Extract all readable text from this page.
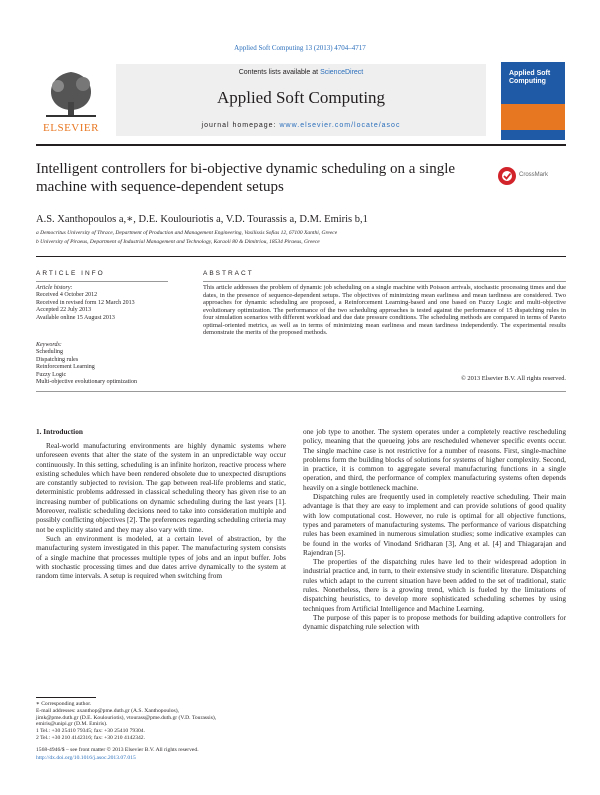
Applied Soft Computing 13 (2013) 4704–4717
ELSEVIER
Contents lists available at ScienceDirect
Applied Soft Computing
journal homepage: www.elsevier.com/locate/asoc
Applied Soft Computing
Intelligent controllers for bi-objective dynamic scheduling on a single machine with sequence-dependent setups
CrossMark
A.S. Xanthopoulos a,∗, D.E. Koulouriotis a, V.D. Tourassis a, D.M. Emiris b,1
a Democritus University of Thrace, Department of Production and Management Engineering, Vasilissis Sofias 12, 67100 Xanthi, Greece
b University of Piraeus, Department of Industrial Management and Technology, Karaoli 80 & Dimitriou, 18534 Piraeus, Greece
ARTICLE INFO	ABSTRACT
Article history:
Received 4 October 2012
Received in revised form 12 March 2013
Accepted 22 July 2013
Available online 15 August 2013
Keywords:
Scheduling
Dispatching rules
Reinforcement Learning
Fuzzy Logic
Multi-objective evolutionary optimization
This article addresses the problem of dynamic job scheduling on a single machine with Poisson arrivals, stochastic processing times and due dates, in the presence of sequence-dependent setups. The objectives of minimizing mean earliness and mean tardiness are considered. Two approaches for dynamic scheduling are proposed, a Reinforcement Learning-based and one based on Fuzzy Logic and multi-objective evolutionary optimization. The performance of the two scheduling approaches is tested against the performance of 15 dispatching rules in four simulation scenarios with different workload and due date pressure conditions. The scheduling methods are compared in terms of Pareto optimal-oriented metrics, as well as in terms of minimizing mean earliness and mean tardiness independently. The experimental results demonstrate the merits of the proposed methods.
© 2013 Elsevier B.V. All rights reserved.
1. Introduction

Real-world manufacturing environments are highly dynamic systems where unforeseen events that alter the state of the system in an unpredictable way occur continuously. In this setting, scheduling is an infinite horizon, reactive process where existing schedules which have been rendered obsolete due to unexpected disruptions are constantly subjected to revision. The gap between real-life problems and static, deterministic problems addressed in classical scheduling theory has given rise to an increasing number of publications on dynamic scheduling during the last years [1]. Moreover, realistic scheduling decisions need to take into consideration multiple and possibly conflicting objectives [2]. The preferences regarding scheduling criteria may not be explicitly stated and they may also vary with time.

Such an environment is modeled, at a certain level of abstraction, by the manufacturing system investigated in this paper. The manufacturing system consists of a single machine that processes multiple types of jobs and an input buffer. Jobs with stochastic processing times and due dates arrive dynamically to the system at random time intervals. A setup is required when switching from

one job type to another. The system operates under a completely reactive rescheduling policy, meaning that the queueing jobs are rescheduled whenever specific events occur. The single machine case is not restrictive for a number of reasons. First, single-machine problems form the building blocks of solutions for systems of higher complexity. Second, in practice, it is common to aggregate several manufacturing functions in a single operation, and third, the performance of complex manufacturing systems often depends heavily on a single bottleneck machine.

Dispatching rules are frequently used in completely reactive scheduling. Their main advantage is that they are easy to implement and can provide solutions of good quality with low computational cost. However, no rule is optimal for all objective functions, types and parameters of manufacturing systems. The performance of various dispatching rules has been examined in numerous simulation studies; some indicative examples can be found in the works of Vinodand Sridharan [3], Ang et al. [4] and Thiagarajan and Rajendran [5].

The properties of the dispatching rules have led to their widespread adoption in industrial practice and, in turn, to their extensive study in scientific literature. Dispatching rules which adapt to the current situation have been added to the set of traditional, static rules. Nonetheless, there is a growing trend, which is fueled by the limitations of dispatching heuristics, to develop more sophisticated scheduling schemes by using techniques from Artificial Intelligence and Machine Learning.

The purpose of this paper is to propose methods for building adaptive controllers for dynamic dispatching rule selection with

∗ Corresponding author.
E-mail addresses: axanthop@pme.duth.gr (A.S. Xanthopoulos),
jimk@pme.duth.gr (D.E. Koulouriotis), vtourass@pme.duth.gr (V.D. Tourassis),
emiris@unipi.gr (D.M. Emiris).
1 Tel.: +30 25410 79345; fax: +30 25410 79304.
2 Tel.: +30 210 4142316; fax: +30 210 4142342.
1568-4946/$ – see front matter © 2013 Elsevier B.V. All rights reserved.
http://dx.doi.org/10.1016/j.asoc.2013.07.015
